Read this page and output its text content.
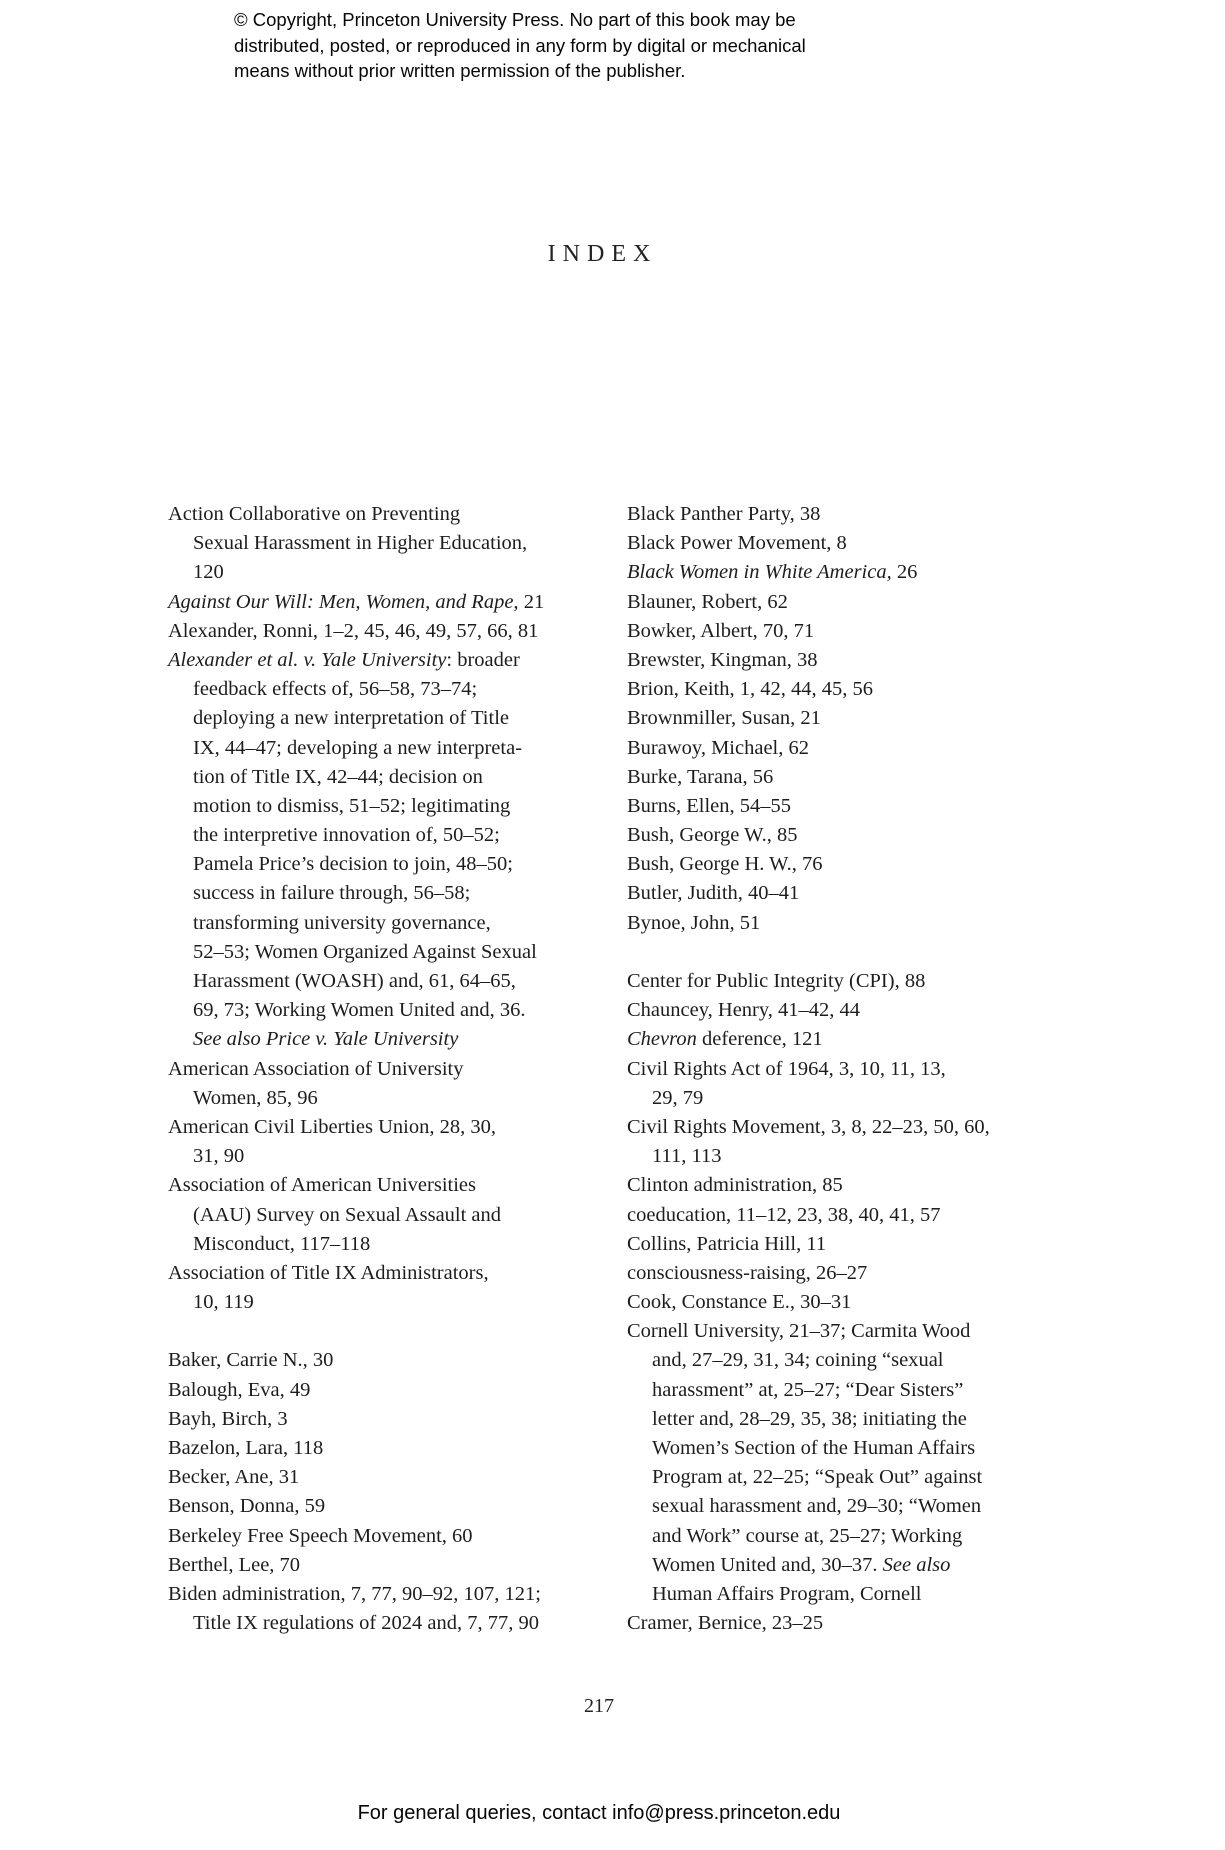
© Copyright, Princeton University Press. No part of this book may be
distributed, posted, or reproduced in any form by digital or mechanical
means without prior written permission of the publisher.
INDEX
Action Collaborative on Preventing
Sexual Harassment in Higher Education,
120
Against Our Will: Men, Women, and Rape, 21
Alexander, Ronni, 1–2, 45, 46, 49, 57, 66, 81
Alexander et al. v. Yale University: broader
feedback effects of, 56–58, 73–74;
deploying a new interpretation of Title
IX, 44–47; developing a new interpreta-
tion of Title IX, 42–44; decision on
motion to dismiss, 51–52; legitimating
the interpretive innovation of, 50–52;
Pamela Price’s decision to join, 48–50;
success in failure through, 56–58;
transforming university governance,
52–53; Women Organized Against Sexual
Harassment (WOASH) and, 61, 64–65,
69, 73; Working Women United and, 36.
See also Price v. Yale University
American Association of University
Women, 85, 96
American Civil Liberties Union, 28, 30,
31, 90
Association of American Universities
(AAU) Survey on Sexual Assault and
Misconduct, 117–118
Association of Title IX Administrators,
10, 119
Baker, Carrie N., 30
Balough, Eva, 49
Bayh, Birch, 3
Bazelon, Lara, 118
Becker, Ane, 31
Benson, Donna, 59
Berkeley Free Speech Movement, 60
Berthel, Lee, 70
Biden administration, 7, 77, 90–92, 107, 121;
Title IX regulations of 2024 and, 7, 77, 90
Black Panther Party, 38
Black Power Movement, 8
Black Women in White America, 26
Blauner, Robert, 62
Bowker, Albert, 70, 71
Brewster, Kingman, 38
Brion, Keith, 1, 42, 44, 45, 56
Brownmiller, Susan, 21
Burawoy, Michael, 62
Burke, Tarana, 56
Burns, Ellen, 54–55
Bush, George W., 85
Bush, George H. W., 76
Butler, Judith, 40–41
Bynoe, John, 51
Center for Public Integrity (CPI), 88
Chauncey, Henry, 41–42, 44
Chevron deference, 121
Civil Rights Act of 1964, 3, 10, 11, 13,
29, 79
Civil Rights Movement, 3, 8, 22–23, 50, 60,
111, 113
Clinton administration, 85
coeducation, 11–12, 23, 38, 40, 41, 57
Collins, Patricia Hill, 11
consciousness-raising, 26–27
Cook, Constance E., 30–31
Cornell University, 21–37; Carmita Wood
and, 27–29, 31, 34; coining “sexual
harassment” at, 25–27; “Dear Sisters”
letter and, 28–29, 35, 38; initiating the
Women’s Section of the Human Affairs
Program at, 22–25; “Speak Out” against
sexual harassment and, 29–30; “Women
and Work” course at, 25–27; Working
Women United and, 30–37. See also
Human Affairs Program, Cornell
Cramer, Bernice, 23–25
217
For general queries, contact info@press.princeton.edu
